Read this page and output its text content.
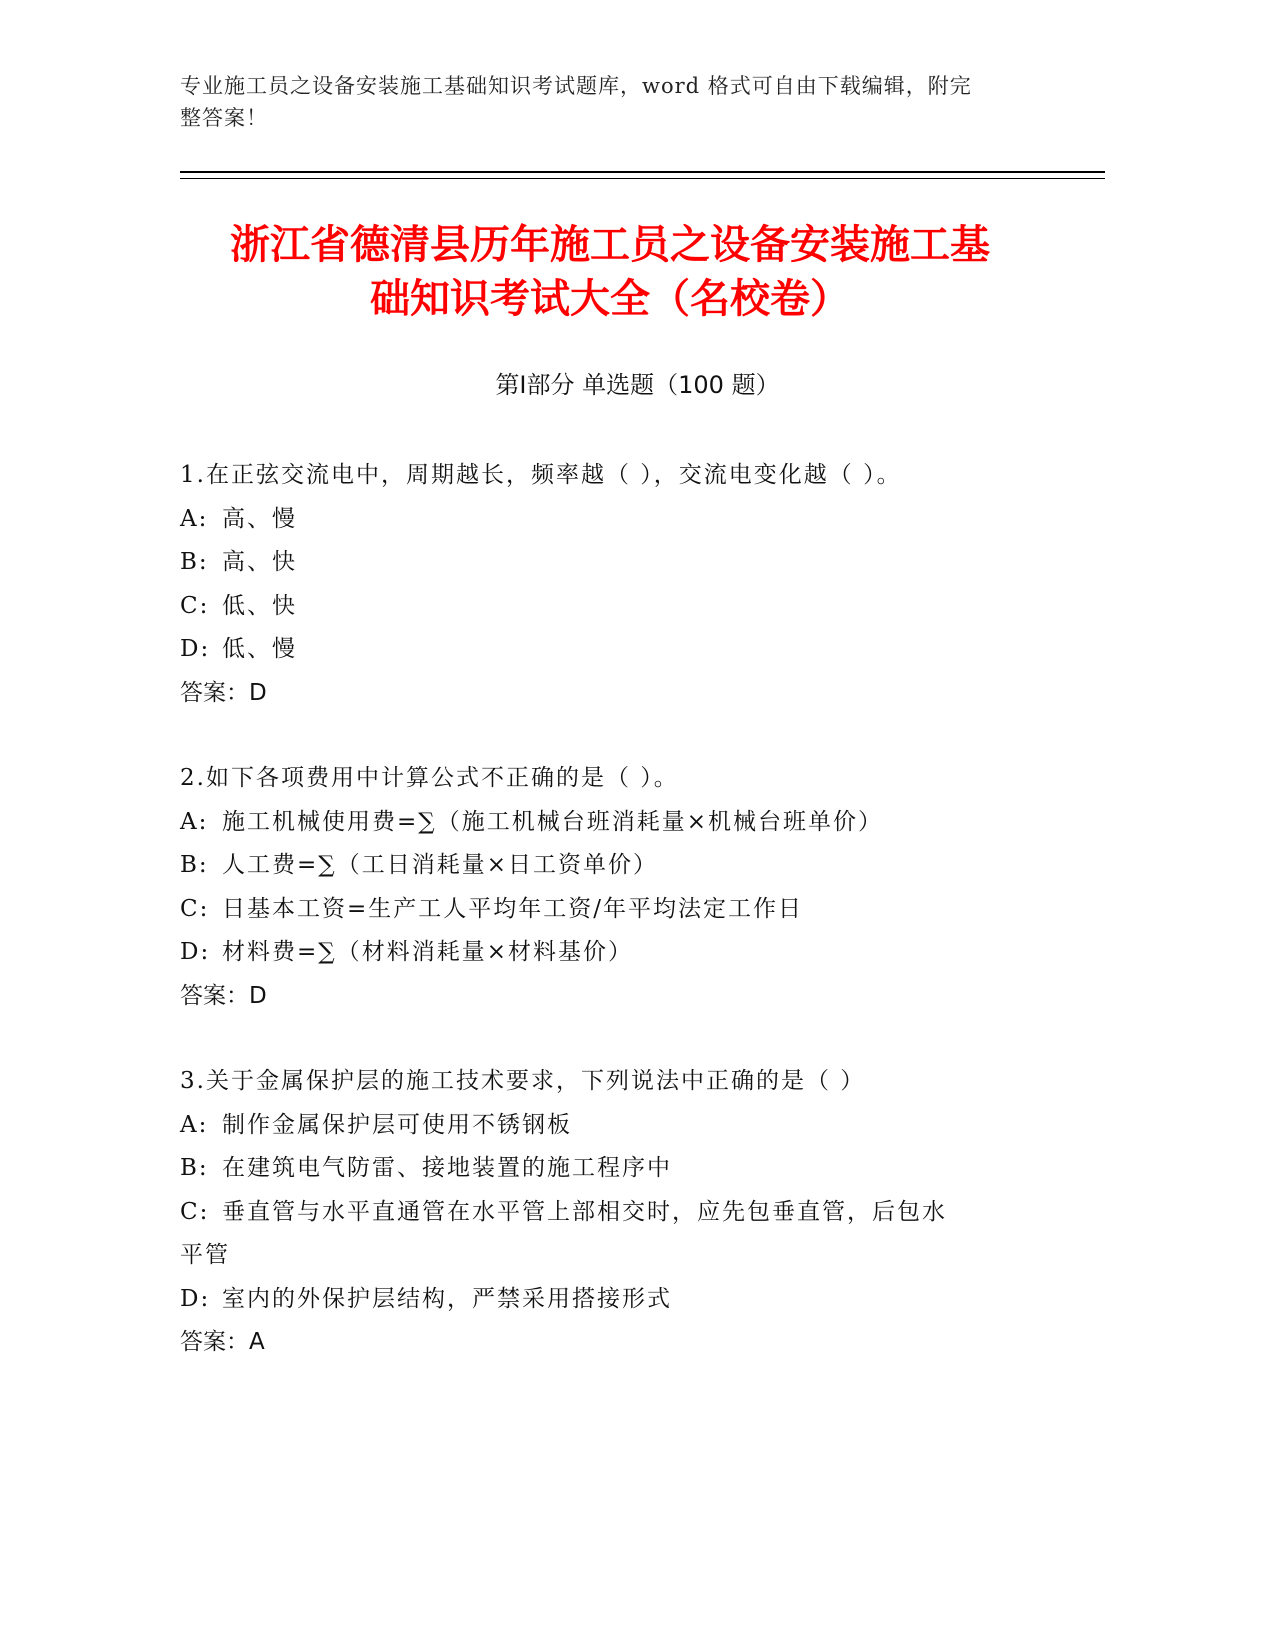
专业施工员之设备安装施工基础知识考试题库，word 格式可自由下载编辑，附完
整答案！
浙江省德清县历年施工员之设备安装施工基
础知识考试大全（名校卷）
第Ⅰ部分 单选题（100 题）

1.在正弦交流电中，周期越长，频率越（ ），交流电变化越（ ）。

A: 高、慢

B: 高、快

C: 低、快

D: 低、慢

答案：D

2.如下各项费用中计算公式不正确的是（ ）。

A: 施工机械使用费=∑（施工机械台班消耗量×机械台班单价）

B: 人工费=∑（工日消耗量×日工资单价）

C: 日基本工资=生产工人平均年工资/年平均法定工作日

D: 材料费=∑（材料消耗量×材料基价）

答案：D

3.关于金属保护层的施工技术要求，下列说法中正确的是（ ）

A: 制作金属保护层可使用不锈钢板

B: 在建筑电气防雷、接地装置的施工程序中

C: 垂直管与水平直通管在水平管上部相交时，应先包垂直管，后包水

平管

D: 室内的外保护层结构，严禁采用搭接形式

答案：A
